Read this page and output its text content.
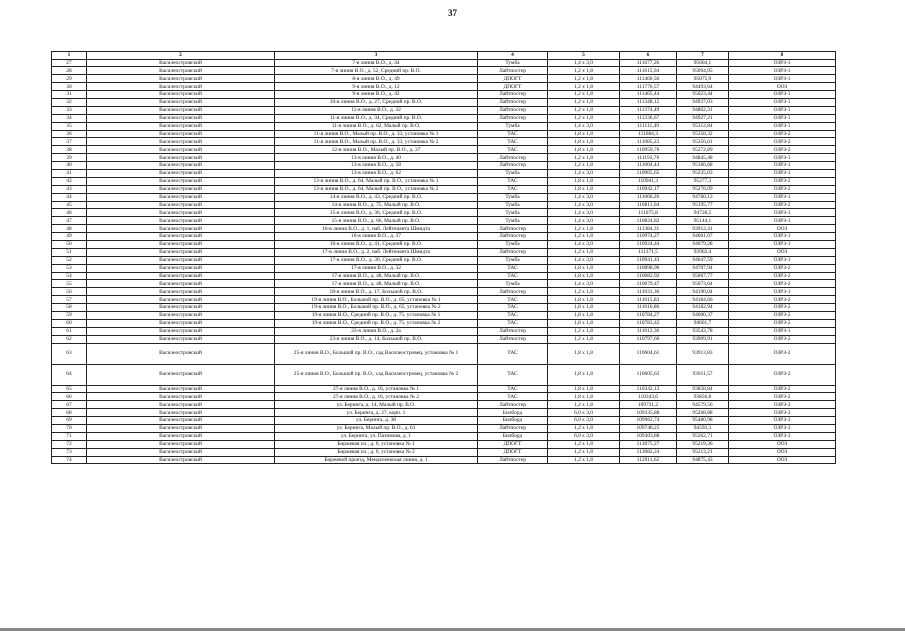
37
1	2	3	4	5	6	7	8
27	Василеостровский	7-я линия В.О., д. 44	Тумба	1,4 x 3,0	111677,26	95604,1	ОЗРЗ-1
28	Василеостровский	7-я линия В.О., д. 52, Средний пр. В.О.	Лайтпостер	1,2 x 1,8	111615,94	95094,95	ОЗРЗ-1
29	Василеостровский	8-я линия В.О., д. 49	ДПОГТ	1,2 x 1,8	111460,56	95075,9	ОЗРЗ-1
30	Василеостровский	9-я линия В.О., д. 12	ДПОГТ	1,2 x 1,8	111776,57	94493,64	ООЗ
31	Василеостровский	9-я линия В.О., д. 42	Лайтпостер	1,2 x 1,8	111465,44	95023,44	ОЗРЗ-1
32	Василеостровский	10-я линия В.О., д. 27, Средний пр. В.О.	Лайтпостер	1,2 x 1,8	111348,12	94937,03	ОЗРЗ-1
33	Василеостровский	11-я линия В.О., д. 32	Лайтпостер	1,2 x 1,8	111374,49	94862,31	ОЗРЗ-1
34	Василеостровский	11-я линия В.О., д. 34, Средний пр. В.О.	Лайтпостер	1,2 x 1,8	111336,67	94927,21	ОЗРЗ-1
35	Василеостровский	11-я линия В.О., д. 62, Малый пр. В.О.	Тумба	1,4 x 3,0	111111,49	95312,84	ОЗРЗ-1
36	Василеостровский	11-я линия В.О., Малый пр. В.О., д. 33, установка № 1	ТАС	1,8 x 1,8	111084,3	95358,32	ОЗРЗ-2
37	Василеостровский	11-я линия В.О., Малый пр. В.О., д. 33, установка № 2	ТАС	1,8 x 1,8	111085,23	95356,61	ОЗРЗ-2
38	Василеостровский	12-я линия В.О., Малый пр. В.О., д. 37	ТАС	1,8 x 1,8	110959,76	95272,89	ОЗРЗ-2
39	Василеостровский	13-я линия В.О., д. 40	Лайтпостер	1,2 x 1,8	111193,76	94845,48	ОЗРЗ-1
40	Василеостровский	13-я линия В.О., д. 58	Лайтпостер	1,2 x 1,8	111004,44	95166,68	ОЗРЗ-1
41	Василеостровский	13-я линия В.О., д. 62	Тумба	1,4 x 3,0	110965,65	95235,03	ОЗРЗ-1
42	Василеостровский	13-я линия В.О., д. 64, Малый пр. В.О., установка № 1	ТАС	1,8 x 1,8	110941,3	95277,3	ОЗРЗ-2
43	Василеостровский	13-я линия В.О., д. 64, Малый пр. В.О., установка № 2	ТАС	1,8 x 1,8	110942,17	95276,09	ОЗРЗ-2
44	Василеостровский	14-я линия В.О., д. 43, Средний пр. В.О.	Тумба	1,4 x 3,0	111066,26	94760,13	ОЗРЗ-1
45	Василеостровский	14-я линия В.О., д. 75, Малый пр. В.О.	Тумба	1,4 x 3,0	110811,04	95195,77	ОЗРЗ-2
46	Василеостровский	15-я линия В.О., д. 36, Средний пр. В.О.	Тумба	1,4 x 3,0	111075,8	94728,5	ОЗРЗ-1
47	Василеостровский	15-я линия В.О., д. 66, Малый пр. В.О.	Тумба	1,4 x 3,0	110824,82	95144,1	ОЗРЗ-1
48	Василеостровский	16-я линия В.О., д. 1, наб. Лейтенанта Шмидта	Лайтпостер	1,2 x 1,8	111384,31	93912,41	ООЗ
49	Василеостровский	16-я линия В.О., д. 37	Лайтпостер	1,2 x 1,8	110974,27	94601,07	ОЗРЗ-1
50	Василеостровский	16-я линия В.О., д. 41, Средний пр. В.О.	Тумба	1,4 x 3,0	110924,44	94679,28	ОЗРЗ-1
51	Василеостровский	17-я линия В.О., д. 2, наб. Лейтенанта Шмидта	Лайтпостер	1,2 x 1,8	111371,5	93902,4	ООЗ
52	Василеостровский	17-я линия В.О., д. 30, Средний пр. В.О.	Тумба	1,4 x 3,0	110941,43	94647,59	ОЗРЗ-1
53	Василеостровский	17-я линия В.О., д. 32	ТАС	1,8 x 1,8	110898,96	94707,94	ОЗРЗ-2
54	Василеостровский	17-я линия В.О., д. 48, Малый пр. В.О.	ТАС	1,8 x 1,8	110682,92	95067,77	ОЗРЗ-2
55	Василеостровский	17-я линия В.О., д. 48, Малый пр. В.О.	Тумба	1,4 x 3,0	110679,47	95073,64	ОЗРЗ-2
56	Василеостровский	18-я линия В.О., д. 17, Большой пр. В.О.	Лайтпостер	1,2 x 1,8	111031,36	94190,04	ОЗРЗ-1
57	Василеостровский	19-я линия В.О., Большой пр. В.О., д. 65, установка № 1	ТАС	1,8 x 1,8	111015,83	94184,66	ОЗРЗ-2
58	Василеостровский	19-я линия В.О., Большой пр. В.О., д. 65, установка № 2	ТАС	1,8 x 1,8	111016,86	94182,94	ОЗРЗ-2
59	Василеостровский	19-я линия В.О., Средний пр. В.О., д. 75, установка № 1	ТАС	1,8 x 1,8	110784,27	94600,37	ОЗРЗ-2
60	Василеостровский	19-я линия В.О., Средний пр. В.О., д. 75, установка № 2	ТАС	1,8 x 1,8	110783,42	94601,7	ОЗРЗ-2
61	Василеостровский	23-я линия В.О., д. 2а	Лайтпостер	1,2 x 1,8	111012,36	93543,78	ОЗРЗ-1
62	Василеостровский	23-я линия В.О., д. 14, Большой пр. В.О.	Лайтпостер	1,2 x 1,8	110797,66	93909,91	ОЗРЗ-2
63	Василеостровский	25-я линия В.О., Большой пр. В.О., сад Василеостровец, установка № 1	ТАС	1,8 x 1,8	110604,61	93913,83	ОЗРЗ-2
64	Василеостровский	25-я линия В.О., Большой пр. В.О., сад Василеостровец, установка № 2	ТАС	1,8 x 1,8	110605,63	93911,57	ОЗРЗ-2
65	Василеостровский	27-я линия В.О., д. 16, установка № 1	ТАС	1,8 x 1,8	110342,13	93858,84	ОЗРЗ-2
66	Василеостровский	27-я линия В.О., д. 16, установка № 2	ТАС	1,8 x 1,8	110343,6	93856,8	ОЗРЗ-2
67	Василеостровский	ул. Беринга, д. 14, Малый пр. В.О.	Лайтпостер	1,2 x 1,8	109731,2	94579,56	ОЗРЗ-3
68	Василеостровский	ул. Беринга, д. 27, корп. 1	Билборд	6,0 x 3,0	109335,88	95268,88	ОЗРЗ-3
69	Василеостровский	ул. Беринга, д. 38	Билборд	6,0 x 3,0	109962,74	95480,98	ОЗРЗ-3
70	Василеостровский	ул. Беринга, Малый пр. В.О., д. 61	Лайтпостер	1,2 x 1,8	109748,25	94592,3	ОЗРЗ-3
71	Василеостровский	ул. Беринга, ул. Пазимова, д. 1	Билборд	6,0 x 3,0	109303,88	95262,71	ОЗРЗ-3
72	Василеостровский	Биржевая пл., д. 6, установка № 1	ДПОГТ	1,2 x 1,8	113075,27	95219,36	ООЗ
73	Василеостровский	Биржевая пл., д. 6, установка № 2	ДПОГТ	1,2 x 1,8	113082,24	95213,21	ООЗ
74	Василеостровский	Биржевой проезд, Менделеевская линия, д. 1	Лайтпостер	1,2 x 1,8	112911,62	94875,43	ООЗ
